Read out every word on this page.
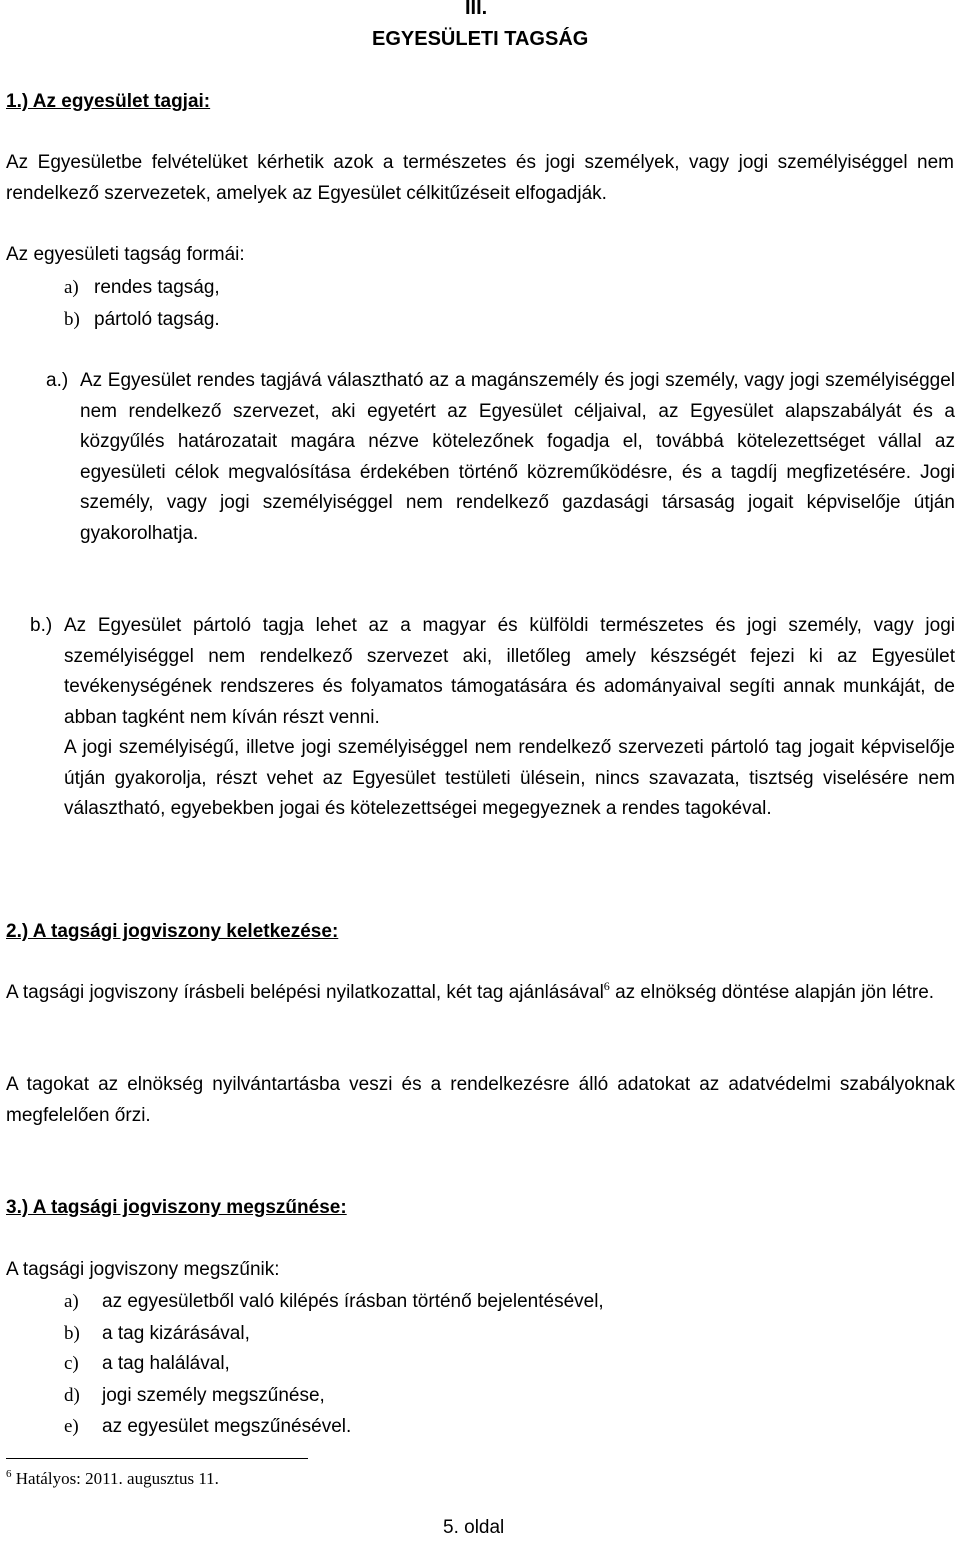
III.
EGYESÜLETI TAGSÁG
1.) Az egyesület tagjai:

Az Egyesületbe felvételüket kérhetik azok a természetes és jogi személyek, vagy jogi személyiséggel nem rendelkező szervezetek, amelyek az Egyesület célkitűzéseit elfogadják.

Az egyesületi tagság formái:
a) rendes tagság,
b) pártoló tagság.
a.) Az Egyesület rendes tagjává választható az a magánszemély és jogi személy, vagy jogi személyiséggel nem rendelkező szervezet, aki egyetért az Egyesület céljaival, az Egyesület alapszabályát és a közgyűlés határozatait magára nézve kötelezőnek fogadja el, továbbá kötelezettséget vállal az egyesületi célok megvalósítása érdekében történő közreműködésre, és a tagdíj megfizetésére. Jogi személy, vagy jogi személyiséggel nem rendelkező gazdasági társaság jogait képviselője útján gyakorolhatja.

b.) Az Egyesület pártoló tagja lehet az a magyar és külföldi természetes és jogi személy, vagy jogi személyiséggel nem rendelkező szervezet aki, illetőleg amely készségét fejezi ki az Egyesület tevékenységének rendszeres és folyamatos támogatására és adományaival segíti annak munkáját, de abban tagként nem kíván részt venni.

A jogi személyiségű, illetve jogi személyiséggel nem rendelkező szervezeti pártoló tag jogait képviselője útján gyakorolja, részt vehet az Egyesület testületi ülésein, nincs szavazata, tisztség viselésére nem választható, egyebekben jogai és kötelezettségei megegyeznek a rendes tagokéval.

2.) A tagsági jogviszony keletkezése:

A tagsági jogviszony írásbeli belépési nyilatkozattal, két tag ajánlásával$^6$ az elnökség döntése alapján jön létre.

A tagokat az elnökség nyilvántartásba veszi és a rendelkezésre álló adatokat az adatvédelmi szabályoknak megfelelően őrzi.

3.) A tagsági jogviszony megszűnése:
A tagsági jogviszony megszűnik:
a) az egyesületből való kilépés írásban történő bejelentésével,
b) a tag kizárásával,
c) a tag halálával,
d) jogi személy megszűnése,
e) az egyesület megszűnésével.
$^6$ Hatályos: 2011. augusztus 11.
5. oldal
